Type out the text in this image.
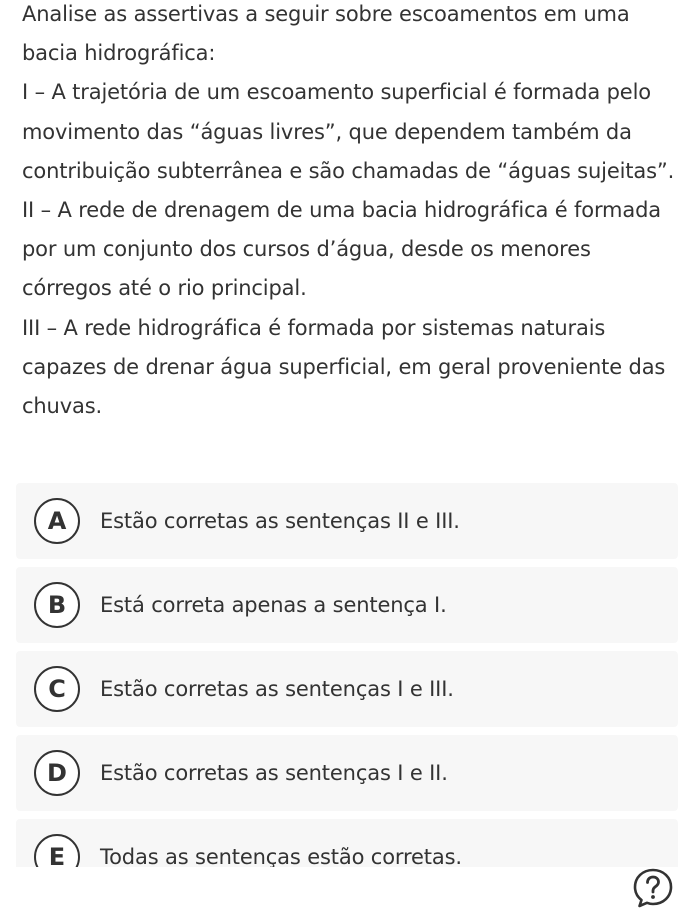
Analise as assertivas a seguir sobre escoamentos em uma bacia hidrográfica:

I – A trajetória de um escoamento superficial é formada pelo movimento das “águas livres”, que dependem também da contribuição subterrânea e são chamadas de “águas sujeitas”.

II – A rede de drenagem de uma bacia hidrográfica é formada por um conjunto dos cursos d’água, desde os menores córregos até o rio principal.

III – A rede hidrográfica é formada por sistemas naturais capazes de drenar água superficial, em geral proveniente das chuvas.

A	Estão corretas as sentenças II e III.
B	Está correta apenas a sentença I.
C	Estão corretas as sentenças I e III.
D	Estão corretas as sentenças I e II.
E	Todas as sentenças estão corretas.
